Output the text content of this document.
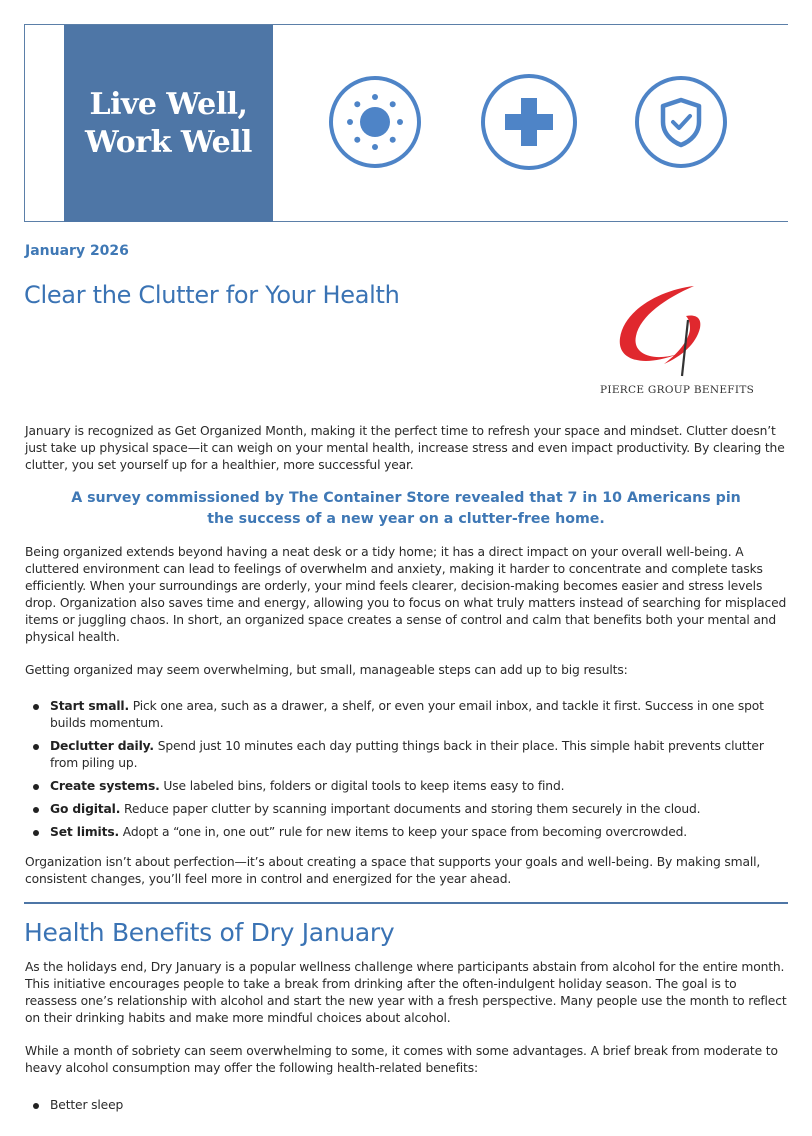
Live Well,
Work Well
January 2026
Clear the Clutter for Your Health
PIERCE GROUP BENEFITS

January is recognized as Get Organized Month, making it the perfect time to refresh your space and mindset. Clutter doesn’t just take up physical space—it can weigh on your mental health, increase stress and even impact productivity. By clearing the clutter, you set yourself up for a healthier, more successful year.

A survey commissioned by The Container Store revealed that 7 in 10 Americans pin the success of a new year on a clutter-free home.

Being organized extends beyond having a neat desk or a tidy home; it has a direct impact on your overall well-being. A cluttered environment can lead to feelings of overwhelm and anxiety, making it harder to concentrate and complete tasks efficiently. When your surroundings are orderly, your mind feels clearer, decision-making becomes easier and stress levels drop. Organization also saves time and energy, allowing you to focus on what truly matters instead of searching for misplaced items or juggling chaos. In short, an organized space creates a sense of control and calm that benefits both your mental and physical health.

Getting organized may seem overwhelming, but small, manageable steps can add up to big results:

Start small. Pick one area, such as a drawer, a shelf, or even your email inbox, and tackle it first. Success in one spot builds momentum.
Declutter daily. Spend just 10 minutes each day putting things back in their place. This simple habit prevents clutter from piling up.
Create systems. Use labeled bins, folders or digital tools to keep items easy to find.
Go digital. Reduce paper clutter by scanning important documents and storing them securely in the cloud.
Set limits. Adopt a “one in, one out” rule for new items to keep your space from becoming overcrowded.

Organization isn’t about perfection—it’s about creating a space that supports your goals and well-being. By making small, consistent changes, you’ll feel more in control and energized for the year ahead.

Health Benefits of Dry January

As the holidays end, Dry January is a popular wellness challenge where participants abstain from alcohol for the entire month. This initiative encourages people to take a break from drinking after the often-indulgent holiday season. The goal is to reassess one’s relationship with alcohol and start the new year with a fresh perspective. Many people use the month to reflect on their drinking habits and make more mindful choices about alcohol.

While a month of sobriety can seem overwhelming to some, it comes with some advantages. A brief break from moderate to heavy alcohol consumption may offer the following health-related benefits:

Better sleep
